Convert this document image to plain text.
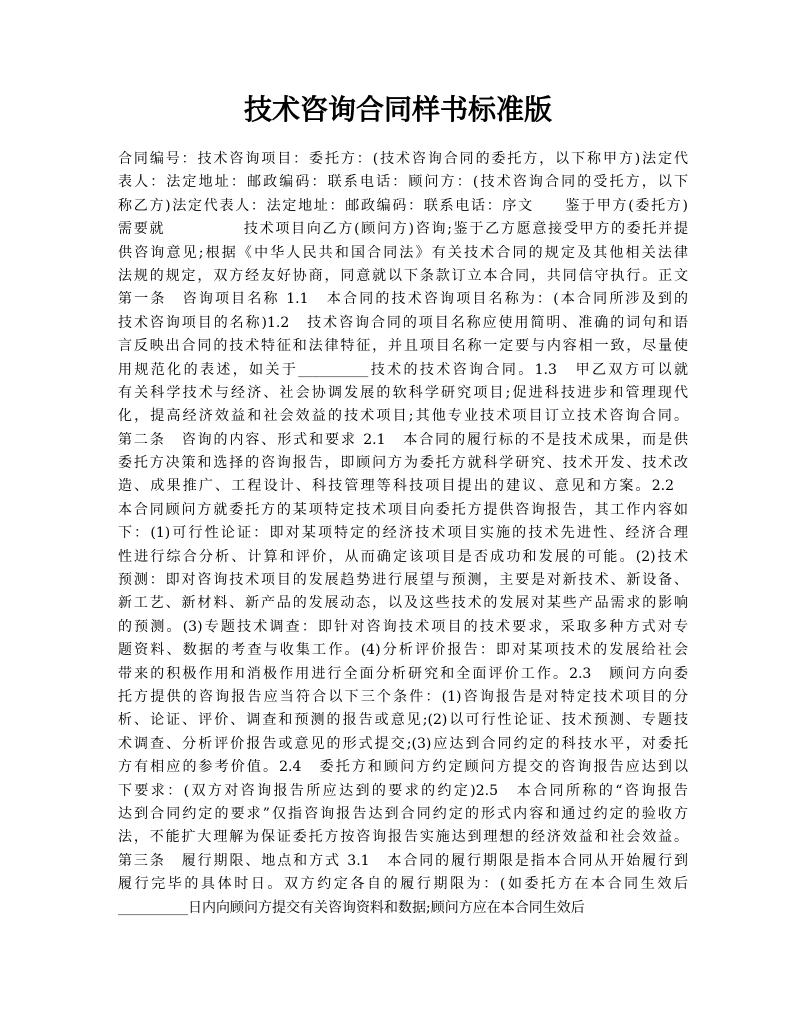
技术咨询合同样书标准版
合同编号：技术咨询项目：委托方：(技术咨询合同的委托方，以下称甲方)法定代
表人：法定地址：邮政编码：联系电话：顾问方：(技术咨询合同的受托方，以下
称乙方)法定代表人：法定地址：邮政编码：联系电话：序文　　鉴于甲方(委托方)
需要就　　　　　技术项目向乙方(顾问方)咨询;鉴于乙方愿意接受甲方的委托并提
供咨询意见;根据《中华人民共和国合同法》有关技术合同的规定及其他相关法律
法规的规定，双方经友好协商，同意就以下条款订立本合同，共同信守执行。正文
第一条　咨询项目名称 1.1　本合同的技术咨询项目名称为：(本合同所涉及到的
技术咨询项目的名称)1.2　技术咨询合同的项目名称应使用简明、准确的词句和语
言反映出合同的技术特征和法律特征，并且项目名称一定要与内容相一致，尽量使
用规范化的表述，如关于__________技术的技术咨询合同。1.3　甲乙双方可以就
有关科学技术与经济、社会协调发展的软科学研究项目;促进科技进步和管理现代
化，提高经济效益和社会效益的技术项目;其他专业技术项目订立技术咨询合同。
第二条　咨询的内容、形式和要求 2.1　本合同的履行标的不是技术成果，而是供
委托方决策和选择的咨询报告，即顾问方为委托方就科学研究、技术开发、技术改
造、成果推广、工程设计、科技管理等科技项目提出的建议、意见和方案。2.2　
本合同顾问方就委托方的某项特定技术项目向委托方提供咨询报告，其工作内容如
下：(1)可行性论证：即对某项特定的经济技术项目实施的技术先进性、经济合理
性进行综合分析、计算和评价，从而确定该项目是否成功和发展的可能。(2)技术
预测：即对咨询技术项目的发展趋势进行展望与预测，主要是对新技术、新设备、
新工艺、新材料、新产品的发展动态，以及这些技术的发展对某些产品需求的影响
的预测。(3)专题技术调查：即针对咨询技术项目的技术要求，采取多种方式对专
题资料、数据的考查与收集工作。(4)分析评价报告：即对某项技术的发展给社会
带来的积极作用和消极作用进行全面分析研究和全面评价工作。2.3　顾问方向委
托方提供的咨询报告应当符合以下三个条件：(1)咨询报告是对特定技术项目的分
析、论证、评价、调查和预测的报告或意见;(2)以可行性论证、技术预测、专题技
术调查、分析评价报告或意见的形式提交;(3)应达到合同约定的科技水平，对委托
方有相应的参考价值。2.4　委托方和顾问方约定顾问方提交的咨询报告应达到以
下要求：(双方对咨询报告所应达到的要求的约定)2.5　本合同所称的“咨询报告
达到合同约定的要求”仅指咨询报告达到合同约定的形式内容和通过约定的验收方
法，不能扩大理解为保证委托方按咨询报告实施达到理想的经济效益和社会效益。
第三条　履行期限、地点和方式 3.1　本合同的履行期限是指本合同从开始履行到
履行完毕的具体时日。双方约定各自的履行期限为：(如委托方在本合同生效后
__________日内向顾问方提交有关咨询资料和数据;顾问方应在本合同生效后
